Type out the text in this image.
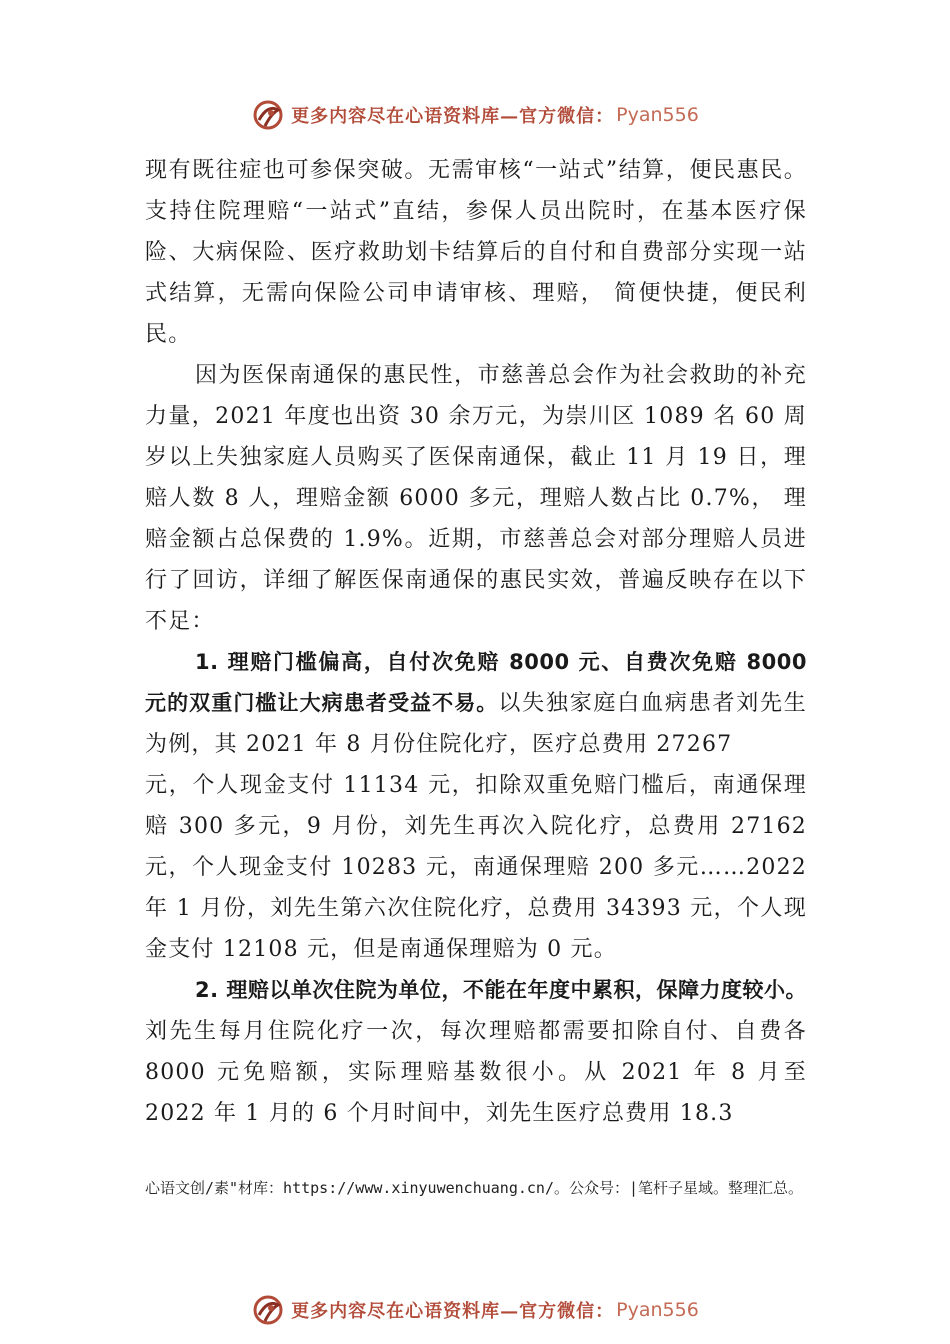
更多内容尽在心语资料库—官方微信： Pyan556

现有既往症也可参保突破。无需审核“一站式”结算，便民惠民。支持住院理赔“一站式”直结，参保人员出院时，在基本医疗保险、大病保险、医疗救助划卡结算后的自付和自费部分实现一站式结算，无需向保险公司申请审核、理赔， 简便快捷，便民利民。

因为医保南通保的惠民性，市慈善总会作为社会救助的补充力量，2021 年度也出资 30 余万元，为崇川区 1089 名 60 周岁以上失独家庭人员购买了医保南通保，截止 11 月 19 日，理赔人数 8 人，理赔金额 6000 多元，理赔人数占比 0.7%， 理赔金额占总保费的 1.9%。近期，市慈善总会对部分理赔人员进行了回访，详细了解医保南通保的惠民实效，普遍反映存在以下不足：

1. 理赔门槛偏高，自付次免赔 8000 元、自费次免赔 8000 元的双重门槛让大病患者受益不易。以失独家庭白血病患者刘先生为例，其 2021 年 8 月份住院化疗，医疗总费用 27267

元，个人现金支付 11134 元，扣除双重免赔门槛后，南通保理赔 300 多元，9 月份，刘先生再次入院化疗，总费用 27162 元，个人现金支付 10283 元，南通保理赔 200 多元……2022 年 1 月份，刘先生第六次住院化疗，总费用 34393 元，个人现金支付 12108 元，但是南通保理赔为 0 元。

2. 理赔以单次住院为单位，不能在年度中累积，保障力度较小。刘先生每月住院化疗一次，每次理赔都需要扣除自付、自费各 8000 元免赔额，实际理赔基数很小。从 2021 年 8 月至 2022 年 1 月的 6 个月时间中，刘先生医疗总费用 18.3

心语文创/素"材库：https://www.xinyuwenchuang.cn/。公众号：|笔杆子星域。整理汇总。
更多内容尽在心语资料库—官方微信： Pyan556
